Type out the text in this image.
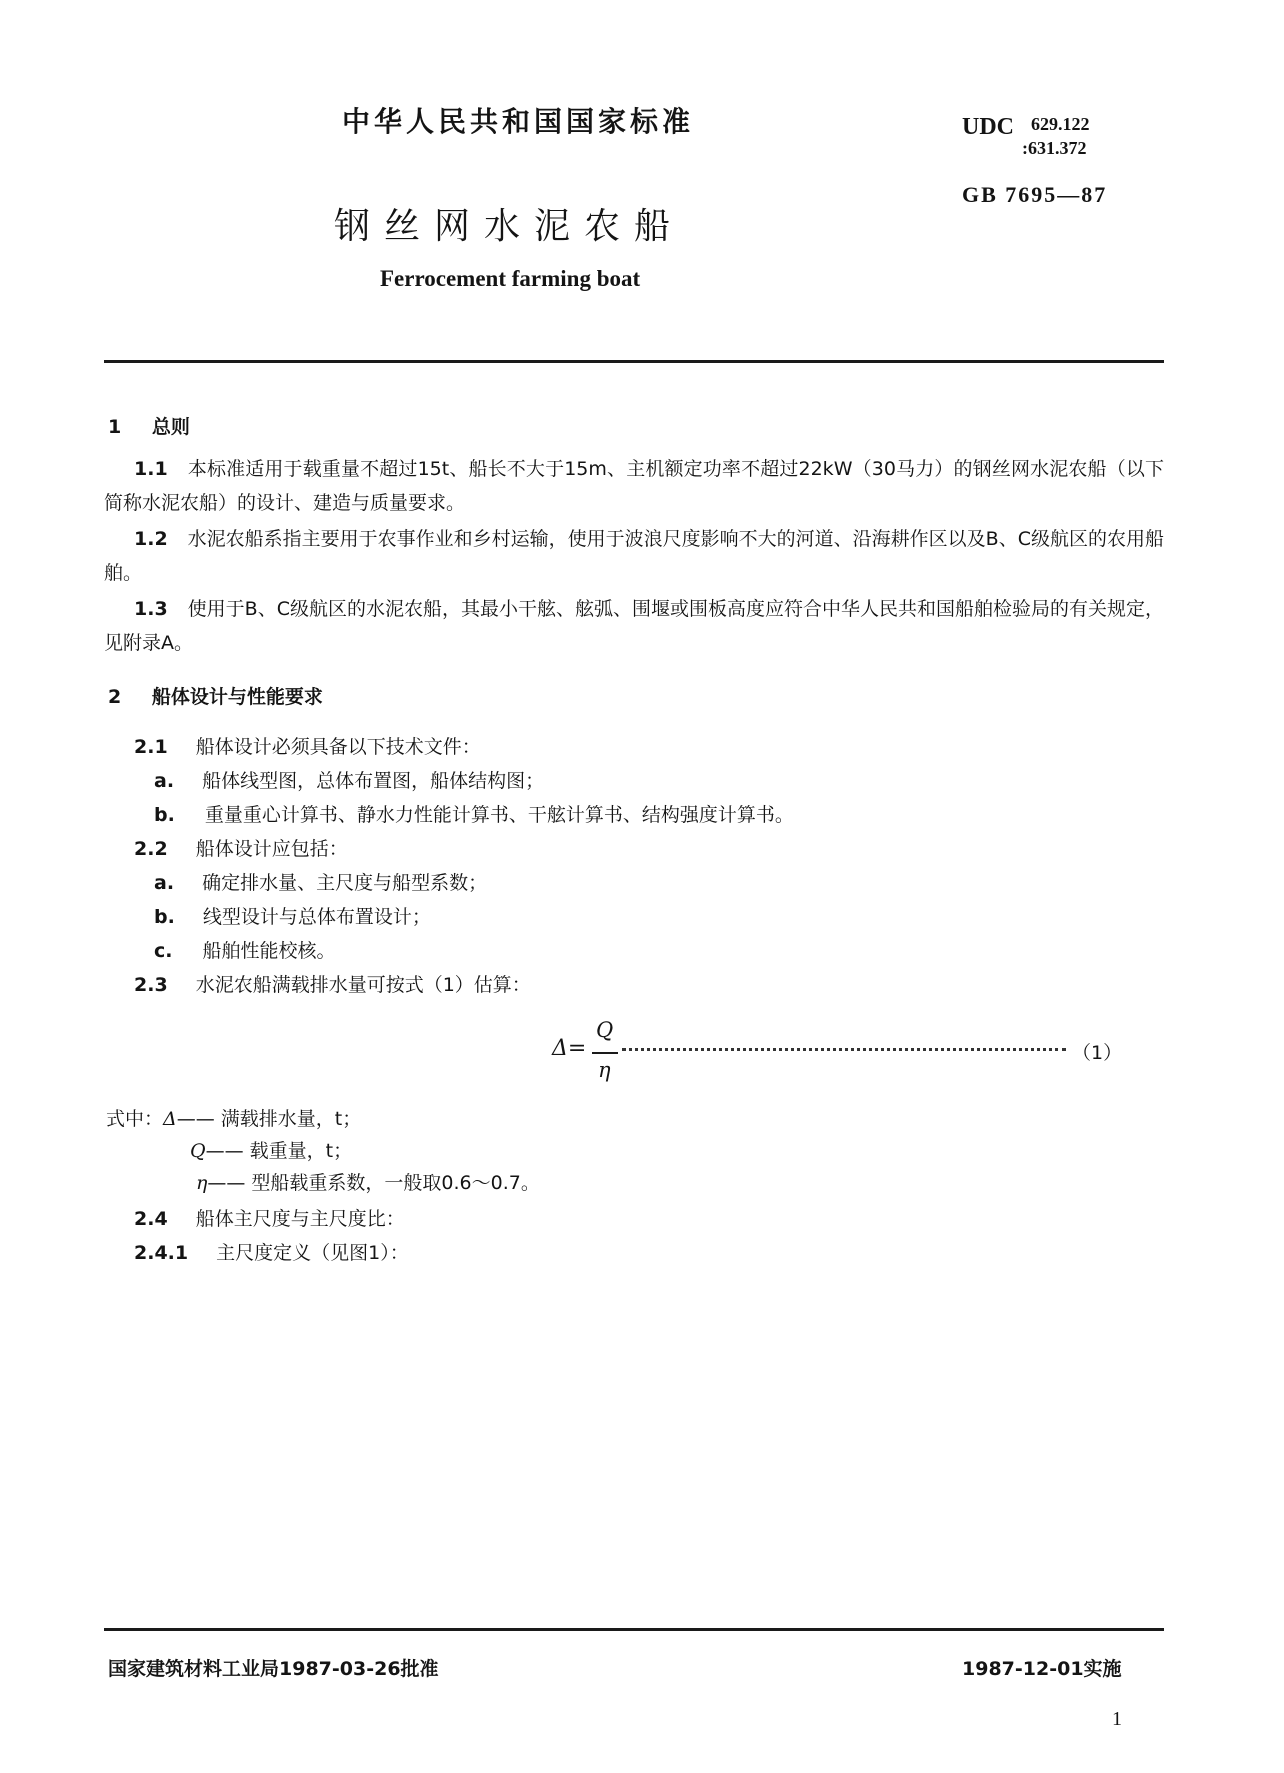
中华人民共和国国家标准	UDC 629.122
:631.372
GB 7695—87
钢丝网水泥农船
Ferrocement farming boat
1 总则
1.1 本标准适用于载重量不超过15t、船长不大于15m、主机额定功率不超过22kW（30马力）的钢丝网水泥农船（以下简称水泥农船）的设计、建造与质量要求。
1.2 水泥农船系指主要用于农事作业和乡村运输，使用于波浪尺度影响不大的河道、沿海耕作区以及B、C级航区的农用船舶。
1.3 使用于B、C级航区的水泥农船，其最小干舷、舷弧、围堰或围板高度应符合中华人民共和国船舶检验局的有关规定，见附录A。
2 船体设计与性能要求
2.1 船体设计必须具备以下技术文件：
a. 船体线型图，总体布置图，船体结构图；
b. 重量重心计算书、静水力性能计算书、干舷计算书、结构强度计算书。
2.2 船体设计应包括：
a. 确定排水量、主尺度与船型系数；
b. 线型设计与总体布置设计；
c. 船舶性能校核。
2.3 水泥农船满载排水量可按式（1）估算：
Δ=
Q
η
（1）
式中：Δ—— 满载排水量，t；
Q—— 载重量，t；
η—— 型船载重系数，一般取0.6～0.7。
2.4 船体主尺度与主尺度比：
2.4.1 主尺度定义（见图1）：
国家建筑材料工业局1987-03-26批准	1987-12-01实施
1
